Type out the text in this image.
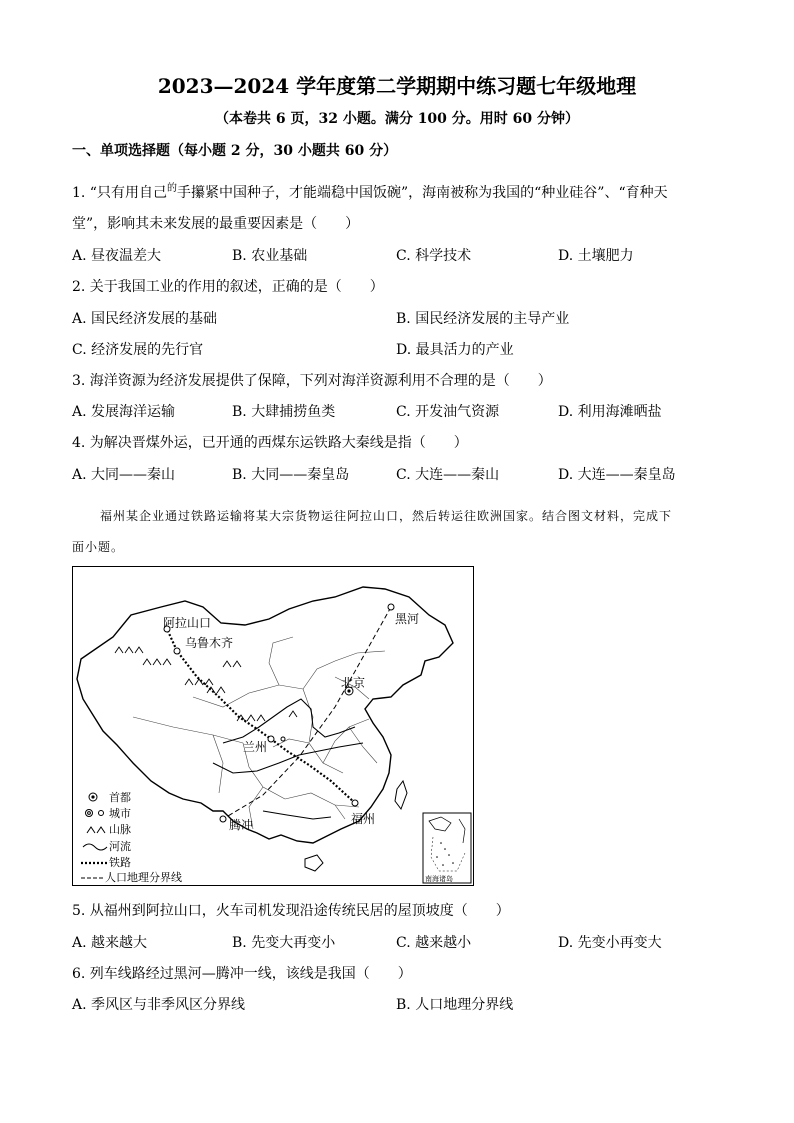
2023—2024 学年度第二学期期中练习题七年级地理
（本卷共 6 页，32 小题。满分 100 分。用时 60 分钟）
一、单项选择题（每小题 2 分，30 小题共 60 分）
1. “只有用自己$^的$手攥紧中国种子，才能端稳中国饭碗”，海南被称为我国的“种业硅谷”、“育种天
堂”，影响其未来发展的最重要因素是（　　）
A. 昼夜温差大	B. 农业基础	C. 科学技术	D. 土壤肥力
2. 关于我国工业的作用的叙述，正确的是（　　）
A. 国民经济发展的基础	B. 国民经济发展的主导产业
C. 经济发展的先行官	D. 最具活力的产业
3. 海洋资源为经济发展提供了保障，下列对海洋资源利用不合理的是（　　）
A. 发展海洋运输	B. 大肆捕捞鱼类	C. 开发油气资源	D. 利用海滩晒盐
4. 为解决晋煤外运，已开通的西煤东运铁路大秦线是指（　　）
A. 大同——秦山	B. 大同——秦皇岛	C. 大连——秦山	D. 大连——秦皇岛
福州某企业通过铁路运输将某大宗货物运往阿拉山口，然后转运往欧洲国家。结合图文材料，完成下
面小题。
阿拉山口
乌鲁木齐
黑河
北京
兰州
腾冲	福州
首都
城市
山脉
河流
铁路
人口地理分界线	南海诸岛
5. 从福州到阿拉山口，火车司机发现沿途传统民居的屋顶坡度（　　）
A. 越来越大	B. 先变大再变小	C. 越来越小	D. 先变小再变大
6. 列车线路经过黑河—腾冲一线，该线是我国（　　）
A. 季风区与非季风区分界线	B. 人口地理分界线
